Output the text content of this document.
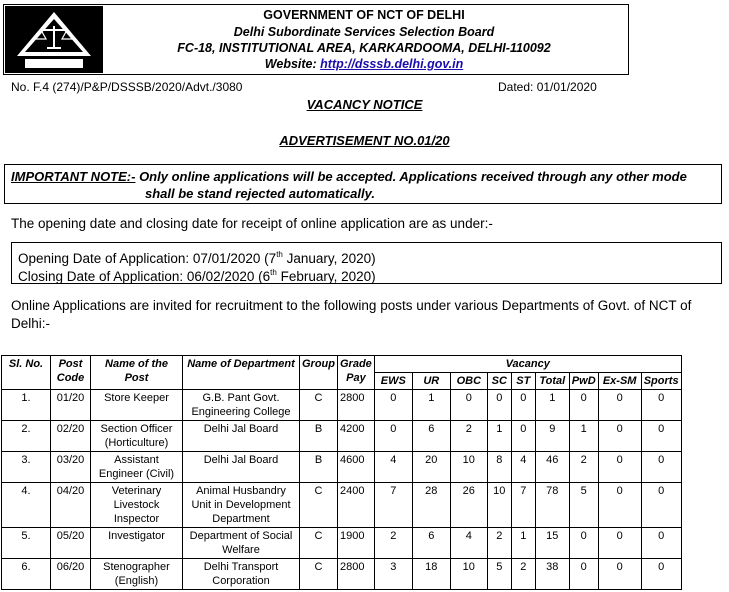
GOVERNMENT OF NCT OF DELHI
Delhi Subordinate Services Selection Board
FC-18, INSTITUTIONAL AREA, KARKARDOOMA, DELHI-110092
Website: http://dsssb.delhi.gov.in
No. F.4 (274)/P&P/DSSSB/2020/Advt./3080	Dated: 01/01/2020
VACANCY NOTICE
ADVERTISEMENT NO.01/20
IMPORTANT NOTE:- Only online applications will be accepted. Applications received through any other mode
shall be stand rejected automatically.
The opening date and closing date for receipt of online application are as under:-
Opening Date of Application: 07/01/2020 (7th January, 2020)
Closing Date of Application: 06/02/2020 (6th February, 2020)
Online Applications are invited for recruitment to the following posts under various Departments of Govt. of NCT of Delhi:-
Sl. No.	Post Code	Name of the Post	Name of Department	Group	Grade Pay	Vacancy								
						EWS	UR	OBC	SC	ST	Total	PwD	Ex-SM	Sports
1.	01/20	Store Keeper	G.B. Pant Govt. Engineering College	C	2800	0	1	0	0	0	1	0	0	0
2.	02/20	Section Officer (Horticulture)	Delhi Jal Board	B	4200	0	6	2	1	0	9	1	0	0
3.	03/20	Assistant Engineer (Civil)	Delhi Jal Board	B	4600	4	20	10	8	4	46	2	0	0
4.	04/20	Veterinary Livestock Inspector	Animal Husbandry Unit in Development Department	C	2400	7	28	26	10	7	78	5	0	0
5.	05/20	Investigator	Department of Social Welfare	C	1900	2	6	4	2	1	15	0	0	0
6.	06/20	Stenographer (English)	Delhi Transport Corporation	C	2800	3	18	10	5	2	38	0	0	0
